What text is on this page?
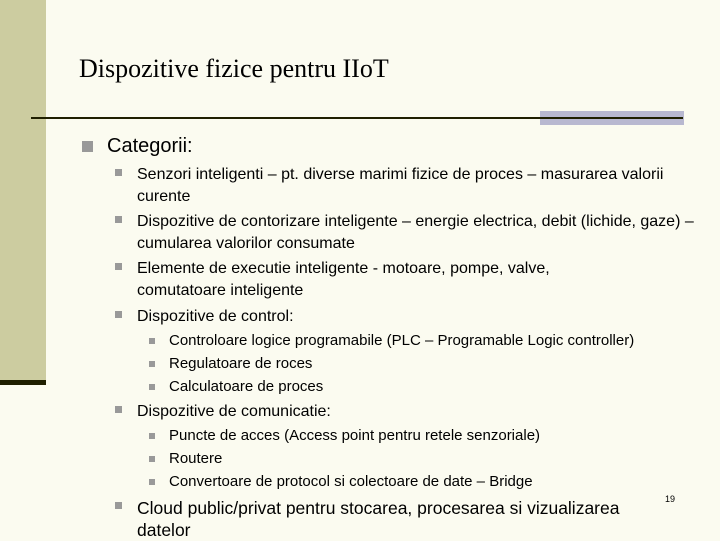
Dispozitive fizice pentru IIoT
Categorii:
Senzori inteligenti – pt. diverse marimi fizice de proces – masurarea valorii curente
Dispozitive de contorizare inteligente – energie electrica, debit (lichide, gaze) – cumularea valorilor consumate
Elemente de executie inteligente - motoare, pompe, valve, comutatoare inteligente
Dispozitive de control:
Controloare logice programabile (PLC – Programable Logic controller)
Regulatoare de roces
Calculatoare de proces
Dispozitive de comunicatie:
Puncte de acces (Access point pentru retele senzoriale)
Routere
Convertoare de protocol si colectoare de date – Bridge
Cloud public/privat pentru stocarea, procesarea si vizualizarea datelor
19
